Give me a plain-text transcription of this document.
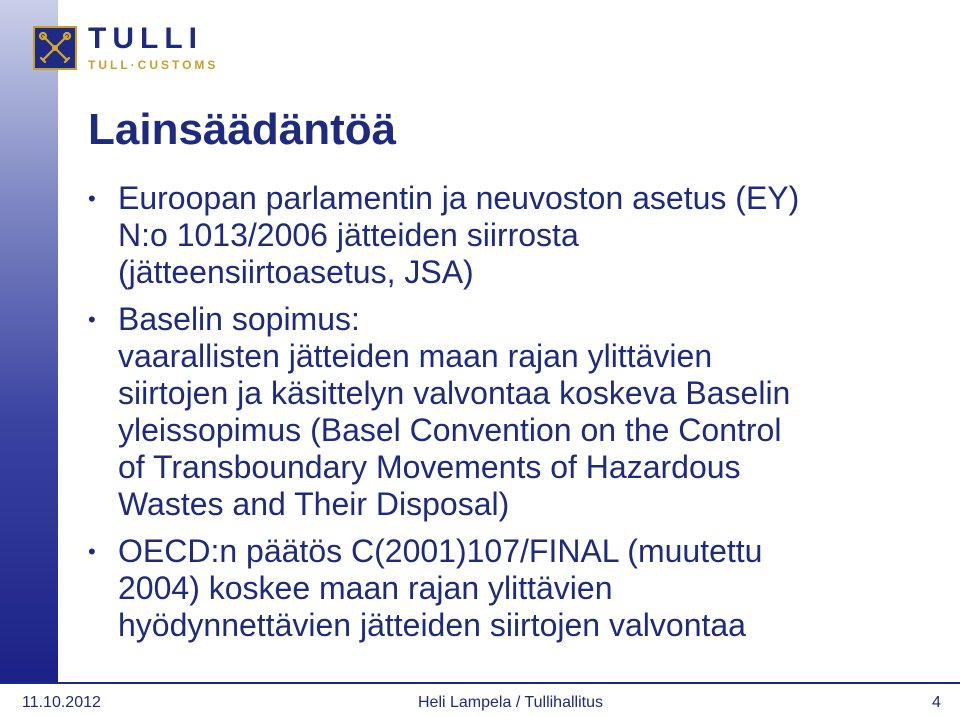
TULLI
TULL·CUSTOMS
Lainsäädäntöä
• Euroopan parlamentin ja neuvoston asetus (EY)
N:o 1013/2006 jätteiden siirrosta
(jätteensiirtoasetus, JSA)
• Baselin sopimus:
vaarallisten jätteiden maan rajan ylittävien
siirtojen ja käsittelyn valvontaa koskeva Baselin
yleissopimus (Basel Convention on the Control
of Transboundary Movements of Hazardous
Wastes and Their Disposal)
• OECD:n päätös C(2001)107/FINAL (muutettu
2004) koskee maan rajan ylittävien
hyödynnettävien jätteiden siirtojen valvontaa
11.10.2012	Heli Lampela / Tullihallitus	4
